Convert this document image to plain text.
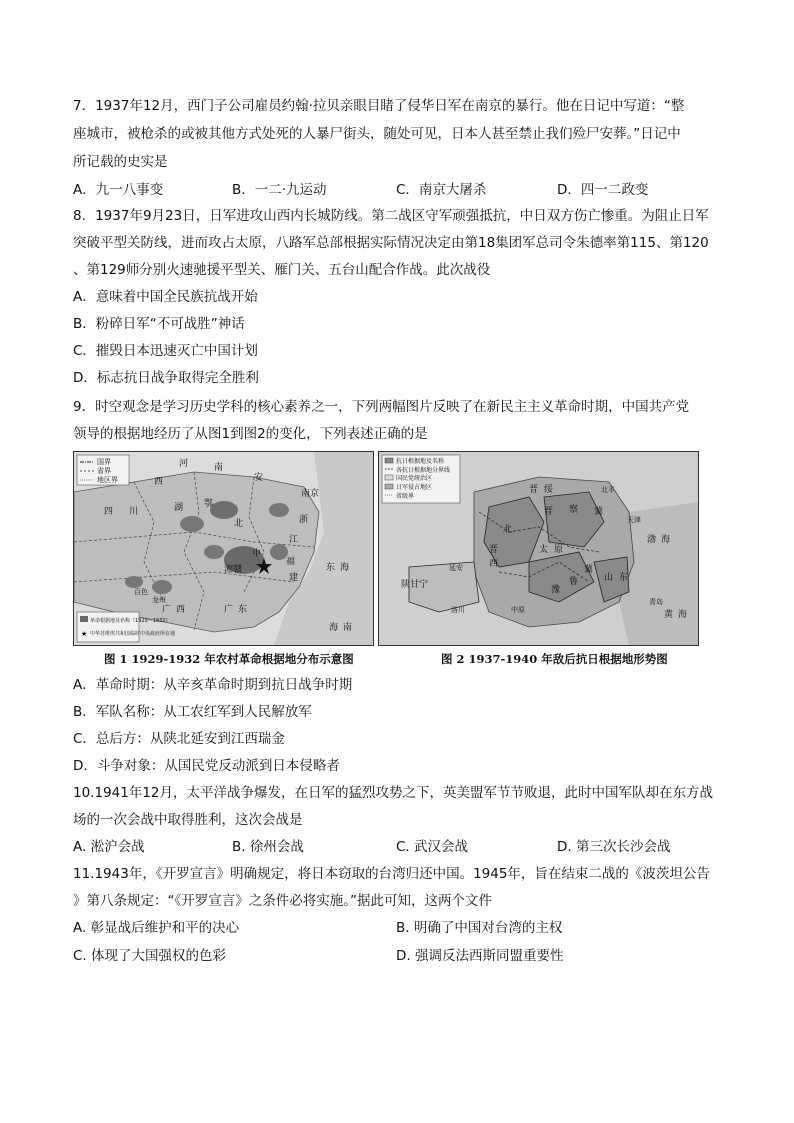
7．1937年12月，西门子公司雇员约翰·拉贝亲眼目睹了侵华日军在南京的暴行。他在日记中写道：“整
座城市，被枪杀的或被其他方式处死的人暴尸街头，随处可见，日本人甚至禁止我们殓尸安葬。”日记中
所记载的史实是
A．九一八事变	B．一二·九运动	C．南京大屠杀	D．四一二政变
8．1937年9月23日，日军进攻山西内长城防线。第二战区守军顽强抵抗，中日双方伤亡惨重。为阻止日军
突破平型关防线，进而攻占太原，八路军总部根据实际情况决定由第18集团军总司令朱德率第115、第120
、第129师分别火速驰援平型关、雁门关、五台山配合作战。此次战役
A．意味着中国全民族抗战开始
B．粉碎日军“不可战胜”神话
C．摧毁日本迅速灭亡中国计划
D．标志抗日战争取得完全胜利
9．时空观念是学习历史学科的核心素养之一，下列两幅图片反映了在新民主主义革命时期，中国共产党
领导的根据地经历了从图1到图2的变化，下列表述正确的是
国界
省界
地区界
革命根据地及名称（1929～1932）
★ 中华苏维埃共和国临时中央政府所在地
河	南
安
南京
西
四 川	湖 鄂
北	浙
江
湘赣
中
福
建
东 海
广 西	广 东
百色
龙州
海 南
图 1 1929-1932 年农村革命根据地分布示意图
抗日根据地及名称
各抗日根据地分界线
国民党统治区
日军侵占地区
省级界
晋 察 冀
北平
天津
陕甘宁
延安
晋 绥
太 原
冀
鲁
豫
山 东
晋
西
北
渤 海
黄 海
青岛
洛川	中原
图 2 1937-1940 年敌后抗日根据地形势图
A．革命时期：从辛亥革命时期到抗日战争时期
B．军队名称：从工农红军到人民解放军
C．总后方：从陕北延安到江西瑞金
D．斗争对象：从国民党反动派到日本侵略者
10.1941年12月，太平洋战争爆发，在日军的猛烈攻势之下，英美盟军节节败退，此时中国军队却在东方战
场的一次会战中取得胜利，这次会战是
A. 淞沪会战	B. 徐州会战	C. 武汉会战	D. 第三次长沙会战
11.1943年，《开罗宣言》明确规定，将日本窃取的台湾归还中国。1945年，旨在结束二战的《波茨坦公告
》第八条规定：“《开罗宣言》之条件必将实施。”据此可知，这两个文件
A. 彰显战后维护和平的决心	B. 明确了中国对台湾的主权
C. 体现了大国强权的色彩	D. 强调反法西斯同盟重要性
